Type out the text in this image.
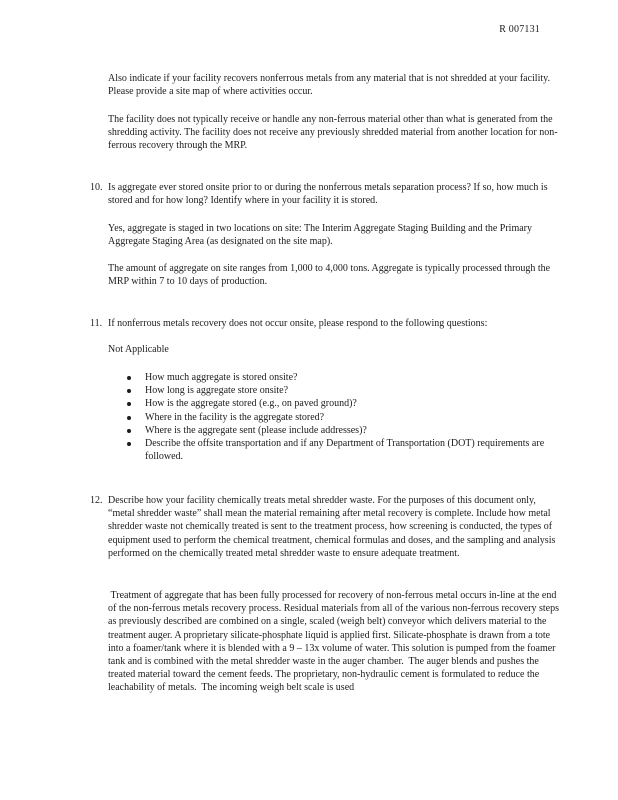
R 007131

Also indicate if your facility recovers nonferrous metals from any material that is not shredded at your facility. Please provide a site map of where activities occur.

The facility does not typically receive or handle any non-ferrous material other than what is generated from the shredding activity. The facility does not receive any previously shredded material from another location for non-ferrous recovery through the MRP.

10. Is aggregate ever stored onsite prior to or during the nonferrous metals separation process? If so, how much is stored and for how long? Identify where in your facility it is stored.

Yes, aggregate is staged in two locations on site: The Interim Aggregate Staging Building and the Primary Aggregate Staging Area (as designated on the site map).

The amount of aggregate on site ranges from 1,000 to 4,000 tons. Aggregate is typically processed through the MRP within 7 to 10 days of production.

11. If nonferrous metals recovery does not occur onsite, please respond to the following questions:

Not Applicable

How much aggregate is stored onsite?
How long is aggregate store onsite?
How is the aggregate stored (e.g., on paved ground)?
Where in the facility is the aggregate stored?
Where is the aggregate sent (please include addresses)?
Describe the offsite transportation and if any Department of Transportation (DOT) requirements are followed.
12. Describe how your facility chemically treats metal shredder waste. For the purposes of this document only, “metal shredder waste” shall mean the material remaining after metal recovery is complete. Include how metal shredder waste not chemically treated is sent to the treatment process, how screening is conducted, the types of equipment used to perform the chemical treatment, chemical formulas and doses, and the sampling and analysis performed on the chemically treated metal shredder waste to ensure adequate treatment.

Treatment of aggregate that has been fully processed for recovery of non-ferrous metal occurs in-line at the end of the non-ferrous metals recovery process. Residual materials from all of the various non-ferrous recovery steps as previously described are combined on a single, scaled (weigh belt) conveyor which delivers material to the treatment auger. A proprietary silicate-phosphate liquid is applied first. Silicate-phosphate is drawn from a tote into a foamer/tank where it is blended with a 9 – 13x volume of water. This solution is pumped from the foamer tank and is combined with the metal shredder waste in the auger chamber.  The auger blends and pushes the treated material toward the cement feeds. The proprietary, non-hydraulic cement is formulated to reduce the leachability of metals.  The incoming weigh belt scale is used
